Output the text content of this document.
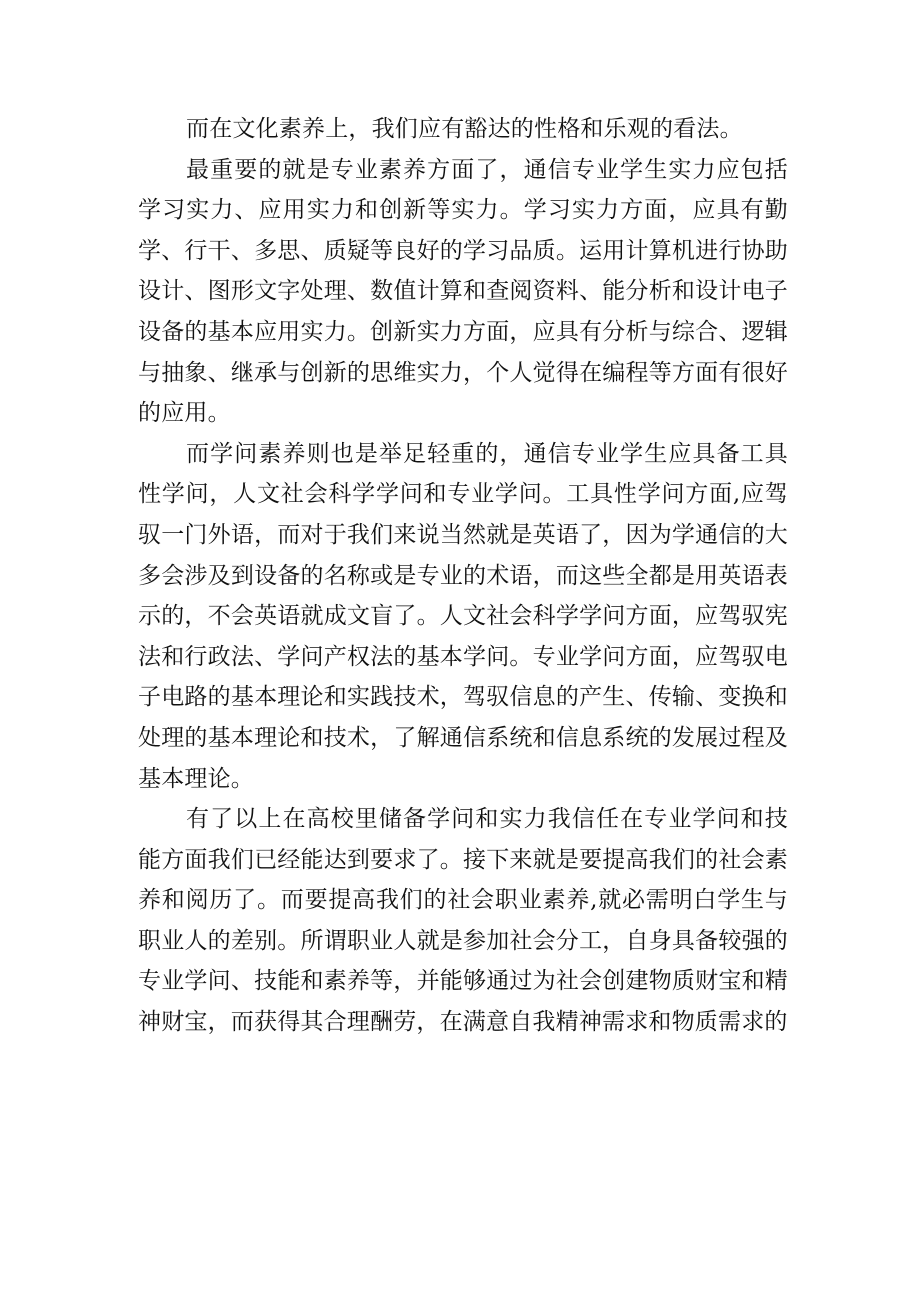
而在文化素养上，我们应有豁达的性格和乐观的看法。

最重要的就是专业素养方面了，通信专业学生实力应包括学习实力、应用实力和创新等实力。学习实力方面，应具有勤学、行干、多思、质疑等良好的学习品质。运用计算机进行协助设计、图形文字处理、数值计算和查阅资料、能分析和设计电子设备的基本应用实力。创新实力方面，应具有分析与综合、逻辑与抽象、继承与创新的思维实力，个人觉得在编程等方面有很好的应用。

而学问素养则也是举足轻重的，通信专业学生应具备工具性学问，人文社会科学学问和专业学问。工具性学问方面,应驾驭一门外语，而对于我们来说当然就是英语了，因为学通信的大多会涉及到设备的名称或是专业的术语，而这些全都是用英语表示的，不会英语就成文盲了。人文社会科学学问方面，应驾驭宪法和行政法、学问产权法的基本学问。专业学问方面，应驾驭电子电路的基本理论和实践技术，驾驭信息的产生、传输、变换和处理的基本理论和技术，了解通信系统和信息系统的发展过程及基本理论。

有了以上在高校里储备学问和实力我信任在专业学问和技能方面我们已经能达到要求了。接下来就是要提高我们的社会素养和阅历了。而要提高我们的社会职业素养,就必需明白学生与职业人的差别。所谓职业人就是参加社会分工，自身具备较强的专业学问、技能和素养等，并能够通过为社会创建物质财宝和精神财宝，而获得其合理酬劳，在满意自我精神需求和物质需求的
